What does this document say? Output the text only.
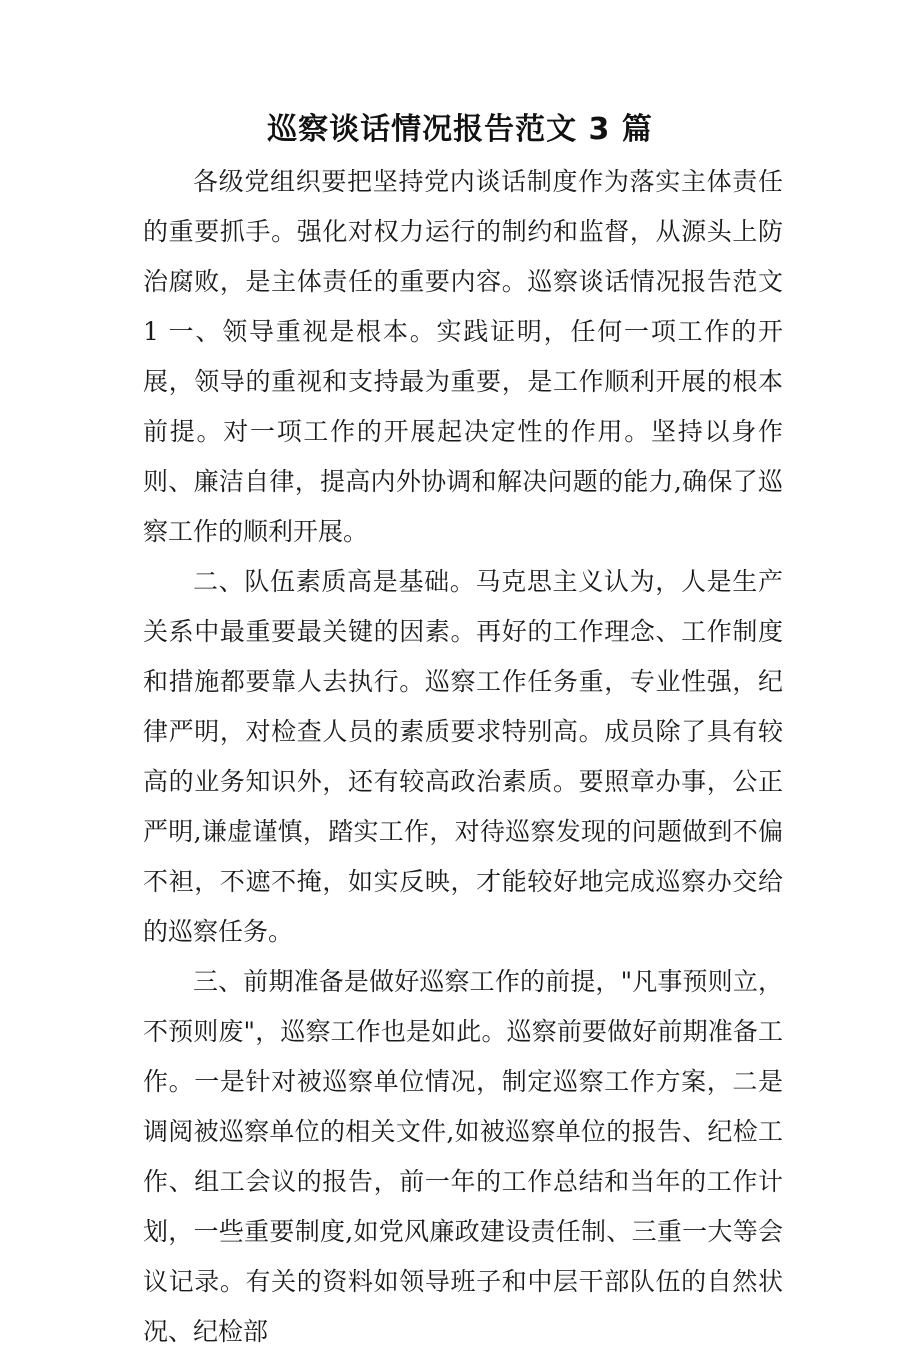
巡察谈话情况报告范文 3 篇

各级党组织要把坚持党内谈话制度作为落实主体责任的重要抓手。强化对权力运行的制约和监督，从源头上防治腐败，是主体责任的重要内容。巡察谈话情况报告范文 1 一、领导重视是根本。实践证明，任何一项工作的开展，领导的重视和支持最为重要，是工作顺利开展的根本前提。对一项工作的开展起决定性的作用。坚持以身作则、廉洁自律，提高内外协调和解决问题的能力,确保了巡察工作的顺利开展。

二、队伍素质高是基础。马克思主义认为，人是生产关系中最重要最关键的因素。再好的工作理念、工作制度和措施都要靠人去执行。巡察工作任务重，专业性强，纪律严明，对检查人员的素质要求特别高。成员除了具有较高的业务知识外，还有较高政治素质。要照章办事，公正严明,谦虚谨慎，踏实工作，对待巡察发现的问题做到不偏不袒，不遮不掩，如实反映，才能较好地完成巡察办交给的巡察任务。

三、前期准备是做好巡察工作的前提，"凡事预则立，不预则废"，巡察工作也是如此。巡察前要做好前期准备工作。一是针对被巡察单位情况，制定巡察工作方案，二是调阅被巡察单位的相关文件,如被巡察单位的报告、纪检工作、组工会议的报告，前一年的工作总结和当年的工作计划，一些重要制度,如党风廉政建设责任制、三重一大等会议记录。有关的资料如领导班子和中层干部队伍的自然状况、纪检部
